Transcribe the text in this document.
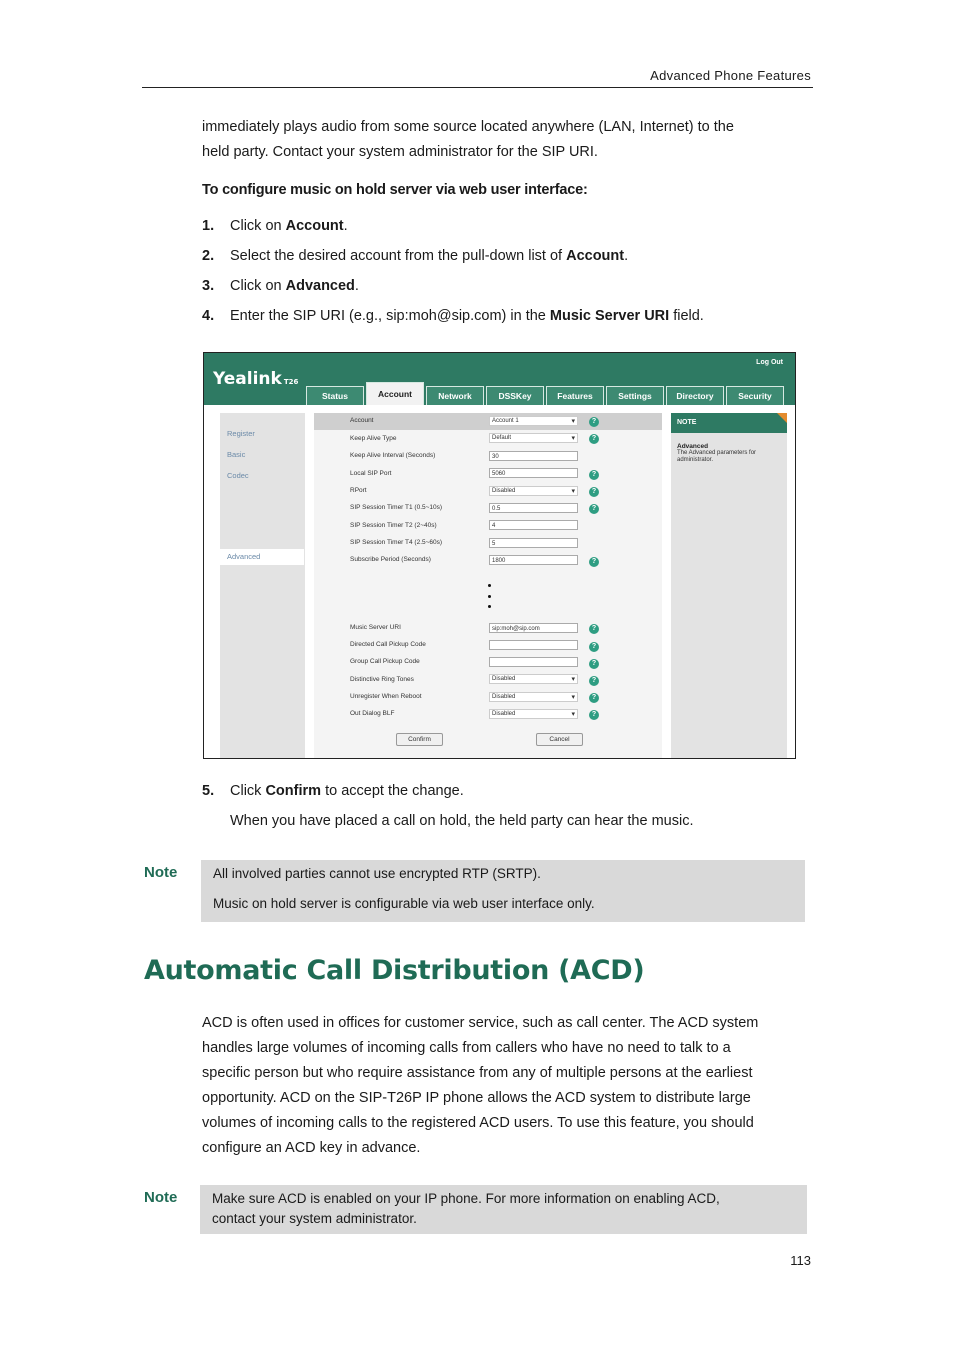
Advanced Phone Features
immediately plays audio from some source located anywhere (LAN, Internet) to the
held party. Contact your system administrator for the SIP URI.
To configure music on hold server via web user interface:
1. Click on Account.
2. Select the desired account from the pull-down list of Account.
3. Click on Advanced.
4. Enter the SIP URI (e.g., sip:moh@sip.com) in the Music Server URI field.
Yealink T26
Log Out
Status	Account	Network	DSSKey	Features	Settings	Directory	Security
Register
Basic
Codec
Advanced
Account	Account 1 ▾	?
Keep Alive Type	Default ▾	?
Keep Alive Interval (Seconds)	30
Local SIP Port	5060	?
RPort	Disabled ▾	?
SIP Session Timer T1 (0.5~10s)	0.5	?
SIP Session Timer T2 (2~40s)	4
SIP Session Timer T4 (2.5~60s)	5
Subscribe Period (Seconds)	1800	?
Music Server URI	sip:moh@sip.com	?
Directed Call Pickup Code	?
Group Call Pickup Code	?
Distinctive Ring Tones	Disabled ▾	?
Unregister When Reboot	Disabled ▾	?
Out Dialog BLF	Disabled ▾	?
Confirm	Cancel
NOTE
Advanced
The Advanced parameters for administrator.
5. Click Confirm to accept the change.
When you have placed a call on hold, the held party can hear the music.
Note	All involved parties cannot use encrypted RTP (SRTP).
Music on hold server is configurable via web user interface only.
Automatic Call Distribution (ACD)
ACD is often used in offices for customer service, such as call center. The ACD system
handles large volumes of incoming calls from callers who have no need to talk to a
specific person but who require assistance from any of multiple persons at the earliest
opportunity. ACD on the SIP-T26P IP phone allows the ACD system to distribute large
volumes of incoming calls to the registered ACD users. To use this feature, you should
configure an ACD key in advance.
Note	Make sure ACD is enabled on your IP phone. For more information on enabling ACD,
contact your system administrator.
113
